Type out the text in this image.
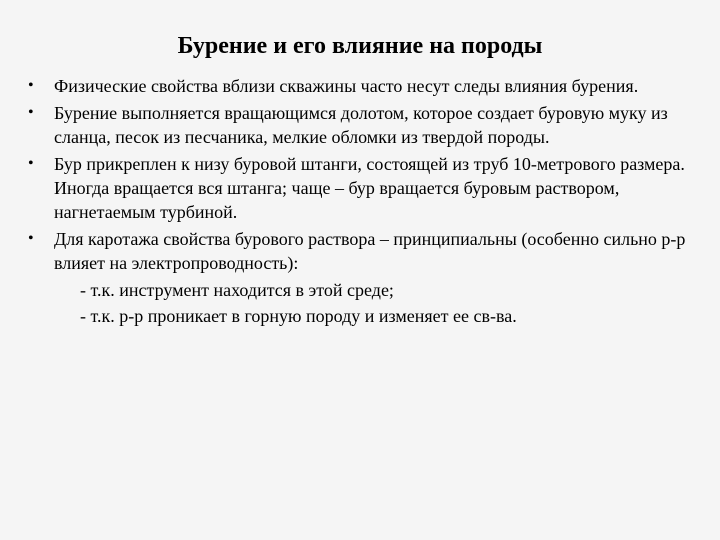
Бурение и его влияние на породы
•	Физические свойства вблизи скважины часто несут следы влияния бурения.
•	Бурение выполняется вращающимся долотом, которое создает буровую муку из сланца, песок из песчаника, мелкие обломки из твердой породы.
•	Бур прикреплен к низу буровой штанги, состоящей из труб 10-метрового размера. Иногда вращается вся штанга; чаще – бур вращается буровым раствором, нагнетаемым турбиной.
•	Для каротажа свойства бурового раствора – принципиальны (особенно сильно р-р влияет на электропроводность):
- т.к. инструмент находится в этой среде;
- т.к. р-р проникает в горную породу и изменяет ее св-ва.
